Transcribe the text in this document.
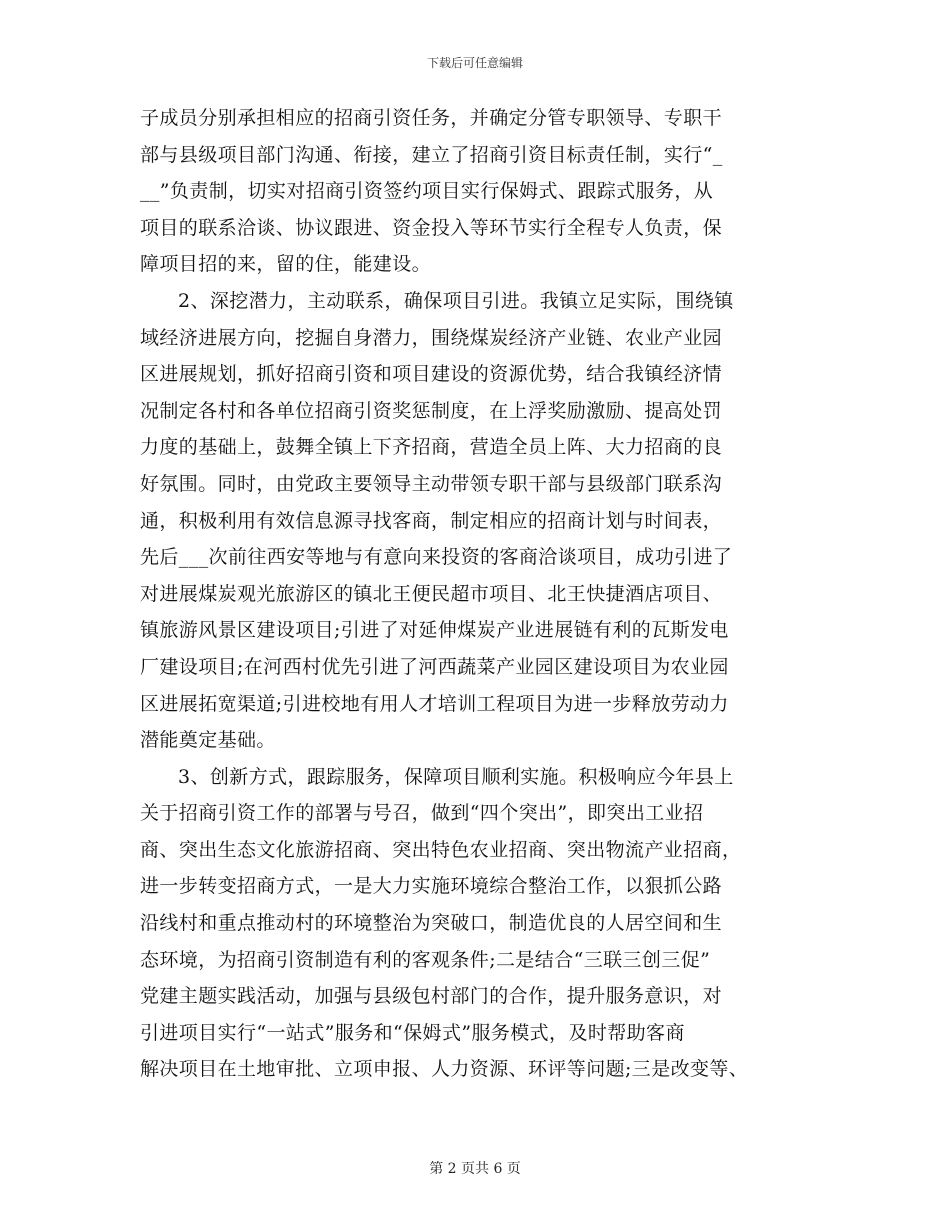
下载后可任意编辑
子成员分别承担相应的招商引资任务，并确定分管专职领导、专职干
部与县级项目部门沟通、衔接，建立了招商引资目标责任制，实行“_
__”负责制，切实对招商引资签约项目实行保姆式、跟踪式服务，从
项目的联系洽谈、协议跟进、资金投入等环节实行全程专人负责，保
障项目招的来，留的住，能建设。
2、深挖潜力，主动联系，确保项目引进。我镇立足实际，围绕镇
域经济进展方向，挖掘自身潜力，围绕煤炭经济产业链、农业产业园
区进展规划，抓好招商引资和项目建设的资源优势，结合我镇经济情
况制定各村和各单位招商引资奖惩制度，在上浮奖励激励、提高处罚
力度的基础上，鼓舞全镇上下齐招商，营造全员上阵、大力招商的良
好氛围。同时，由党政主要领导主动带领专职干部与县级部门联系沟
通，积极利用有效信息源寻找客商，制定相应的招商计划与时间表，
先后___次前往西安等地与有意向来投资的客商洽谈项目，成功引进了
对进展煤炭观光旅游区的镇北王便民超市项目、北王快捷酒店项目、
镇旅游风景区建设项目;引进了对延伸煤炭产业进展链有利的瓦斯发电
厂建设项目;在河西村优先引进了河西蔬菜产业园区建设项目为农业园
区进展拓宽渠道;引进校地有用人才培训工程项目为进一步释放劳动力
潜能奠定基础。
3、创新方式，跟踪服务，保障项目顺利实施。积极响应今年县上
关于招商引资工作的部署与号召，做到“四个突出”，即突出工业招
商、突出生态文化旅游招商、突出特色农业招商、突出物流产业招商，
进一步转变招商方式，一是大力实施环境综合整治工作，以狠抓公路
沿线村和重点推动村的环境整治为突破口，制造优良的人居空间和生
态环境，为招商引资制造有利的客观条件;二是结合“三联三创三促”
党建主题实践活动，加强与县级包村部门的合作，提升服务意识，对
引进项目实行“一站式”服务和“保姆式”服务模式，及时帮助客商
解决项目在土地审批、立项申报、人力资源、环评等问题;三是改变等、
第 2 页共 6 页
